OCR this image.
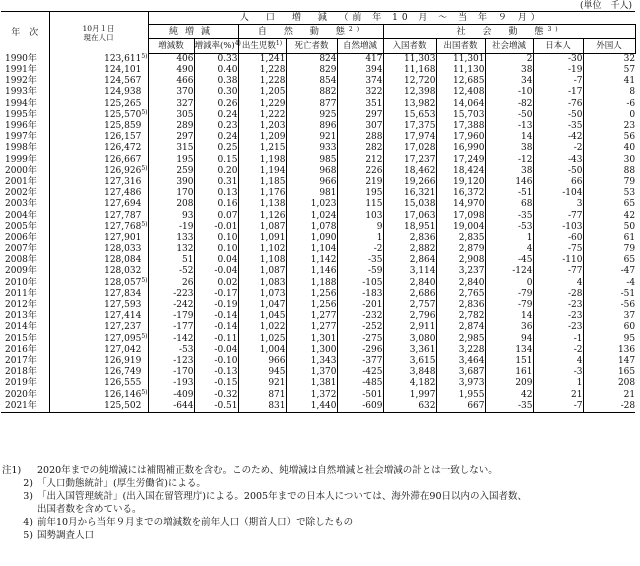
(単位　千人)
年　次	10月１日
現在人口	人　口　増　減　（前 年 10 月 ～ 当 年 ９ 月）									
		純増減		自　然　動　態$^{2)}$			社　会　動　態$^{3)}$
		増減数	増減率(%)$^{4)}$	出生児数$^{1)}$	死亡者数	自然増減	入国者数	出国者数	社会増減	日本人	外国人
1990年	123,611$^{5)}$	406	0.33	1,241	824	417	11,303	11,301	2	-30	32
1991年	124,101	490	0.40	1,228	829	394	11,168	11,130	38	-19	57
1992年	124,567	466	0.38	1,228	854	374	12,720	12,685	34	-7	41
1993年	124,938	370	0.30	1,205	882	322	12,398	12,408	-10	-17	8
1994年	125,265	327	0.26	1,229	877	351	13,982	14,064	-82	-76	-6
1995年	125,570$^{5)}$	305	0.24	1,222	925	297	15,653	15,703	-50	-50	0
1996年	125,859	289	0.23	1,203	896	307	17,375	17,388	-13	-35	23
1997年	126,157	297	0.24	1,209	921	288	17,974	17,960	14	-42	56
1998年	126,472	315	0.25	1,215	933	282	17,028	16,990	38	-2	40
1999年	126,667	195	0.15	1,198	985	212	17,237	17,249	-12	-43	30
2000年	126,926$^{5)}$	259	0.20	1,194	968	226	18,462	18,424	38	-50	88
2001年	127,316	390	0.31	1,185	966	219	19,266	19,120	146	66	79
2002年	127,486	170	0.13	1,176	981	195	16,321	16,372	-51	-104	53
2003年	127,694	208	0.16	1,138	1,023	115	15,038	14,970	68	3	65
2004年	127,787	93	0.07	1,126	1,024	103	17,063	17,098	-35	-77	42
2005年	127,768$^{5)}$	-19	-0.01	1,087	1,078	9	18,951	19,004	-53	-103	50
2006年	127,901	133	0.10	1,091	1,090	1	2,836	2,835	1	-60	61
2007年	128,033	132	0.10	1,102	1,104	-2	2,882	2,879	4	-75	79
2008年	128,084	51	0.04	1,108	1,142	-35	2,864	2,908	-45	-110	65
2009年	128,032	-52	-0.04	1,087	1,146	-59	3,114	3,237	-124	-77	-47
2010年	128,057$^{5)}$	26	0.02	1,083	1,188	-105	2,840	2,840	0	4	-4
2011年	127,834	-223	-0.17	1,073	1,256	-183	2,686	2,765	-79	-28	-51
2012年	127,593	-242	-0.19	1,047	1,256	-201	2,757	2,836	-79	-23	-56
2013年	127,414	-179	-0.14	1,045	1,277	-232	2,796	2,782	14	-23	37
2014年	127,237	-177	-0.14	1,022	1,277	-252	2,911	2,874	36	-23	60
2015年	127,095$^{5)}$	-142	-0.11	1,025	1,301	-275	3,080	2,985	94	-1	95
2016年	127,042	-53	-0.04	1,004	1,300	-296	3,361	3,228	134	-2	136
2017年	126,919	-123	-0.10	966	1,343	-377	3,615	3,464	151	4	147
2018年	126,749	-170	-0.13	945	1,370	-425	3,848	3,687	161	-3	165
2019年	126,555	-193	-0.15	921	1,381	-485	4,182	3,973	209	1	208
2020年	126,146$^{5)}$	-409	-0.32	871	1,372	-501	1,997	1,955	42	21	21
2021年	125,502	-644	-0.51	831	1,440	-609	632	667	-35	-7	-28
注1)	2020年までの純増減には補間補正数を含む。このため、純増減は自然増減と社会増減の計とは一致しない。
2) 「人口動態統計」(厚生労働省)による。
3) 「出入国管理統計」(出入国在留管理庁)による。2005年までの日本人については、海外滞在90日以内の入国者数、
出国者数を含めている。
4) 前年10月から当年９月までの増減数を前年人口（期首人口）で除したもの
5) 国勢調査人口
